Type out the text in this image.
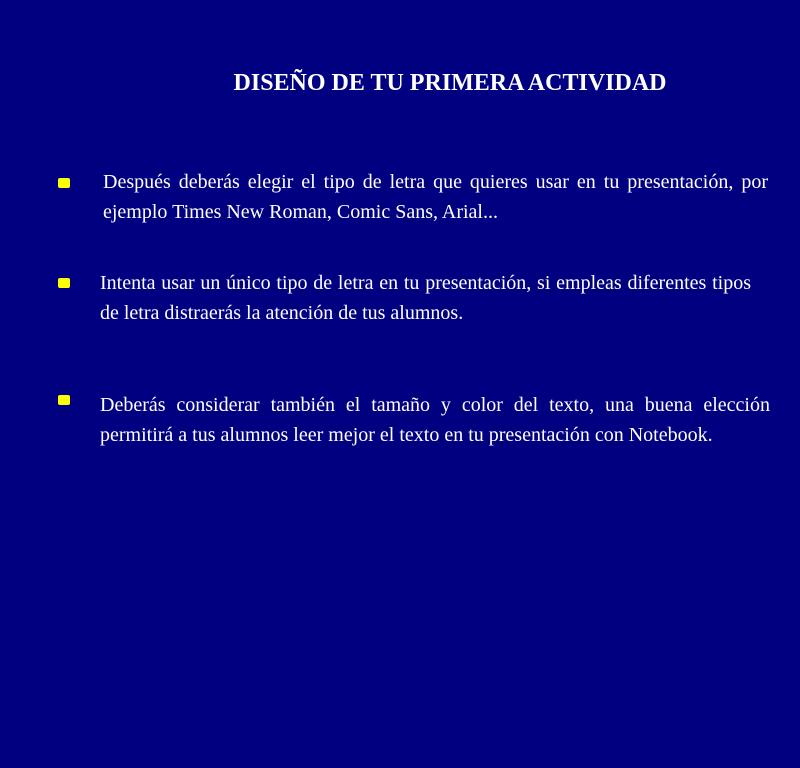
DISEÑO DE TU PRIMERA ACTIVIDAD

Después deberás elegir el tipo de letra que quieres usar en tu presentación, por ejemplo Times New Roman, Comic Sans, Arial...

Intenta usar un único tipo de letra en tu presentación, si empleas diferentes tipos de letra distraerás la atención de tus alumnos.

Deberás considerar también el tamaño y color del texto, una buena elección permitirá a tus alumnos leer mejor el texto en tu presentación con Notebook.
